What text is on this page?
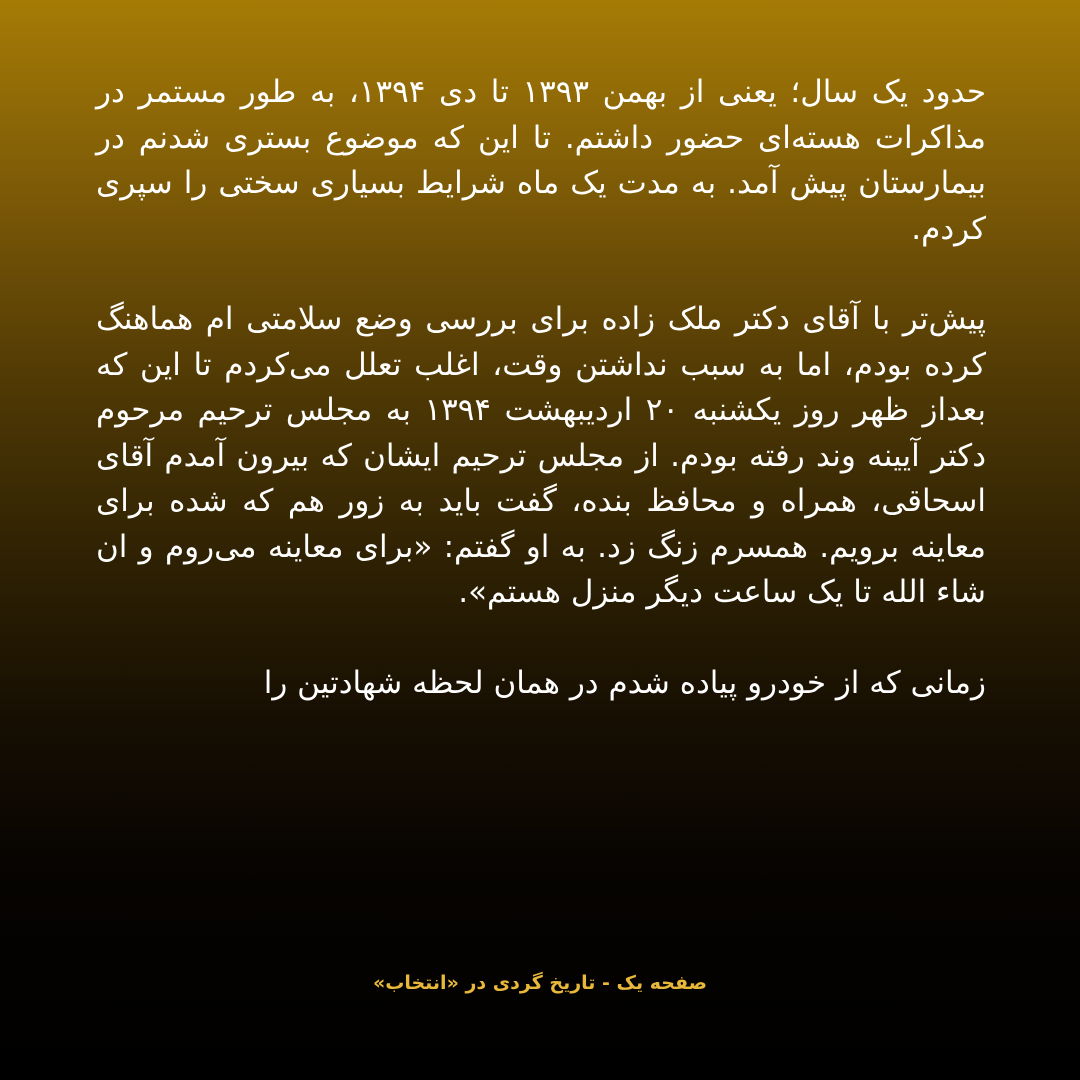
حدود یک سال؛ یعنی از بهمن ۱۳۹۳ تا دی ۱۳۹۴، به طور مستمر در مذاکرات هسته‌ای حضور داشتم. تا این که موضوع بستری شدنم در بیمارستان پیش آمد. به مدت یک ماه شرایط بسیاری سختی را سپری کردم.

پیش‌تر با آقای دکتر ملک زاده برای بررسی وضع سلامتی ام هماهنگ کرده بودم، اما به سبب نداشتن وقت، اغلب تعلل می‌کردم تا این که بعداز ظهر روز یکشنبه ۲۰ اردیبهشت ۱۳۹۴ به مجلس ترحیم مرحوم دکتر آیینه وند رفته بودم. از مجلس ترحیم ایشان که بیرون آمدم آقای اسحاقی، همراه و محافظ بنده، گفت باید به زور هم که شده برای معاینه برویم. همسرم زنگ زد. به او گفتم: «برای معاینه می‌روم و ان شاء الله تا یک ساعت دیگر منزل هستم».

زمانی که از خودرو پیاده شدم در همان لحظه شهادتین را

صفحه یک - تاریخ گردی در «انتخاب»
